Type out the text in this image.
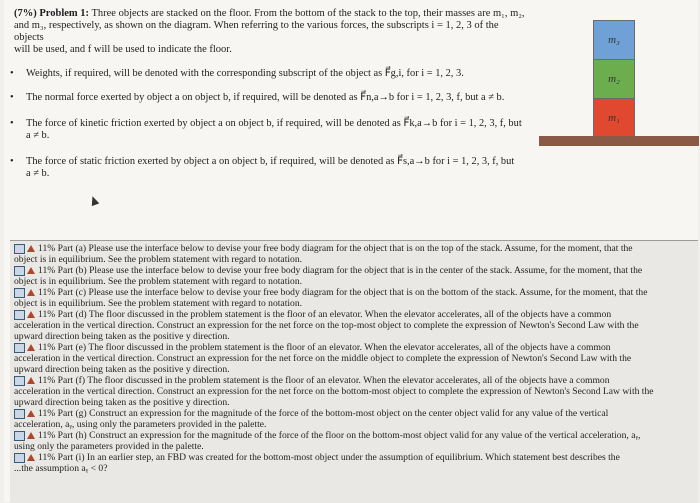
(7%) Problem 1: Three objects are stacked on the floor. From the bottom of the stack to the top, their masses are m₁, m₂,
and m₃, respectively, as shown on the diagram. When referring to the various forces, the subscripts i = 1, 2, 3 of the objects
will be used, and f will be used to indicate the floor.
• Weights, if required, will be denoted with the corresponding subscript of the object as F⃗g,i, for i = 1, 2, 3.
• The normal force exerted by object a on object b, if required, will be denoted as F⃗n,a→b for i = 1, 2, 3, f, but a ≠ b.
• The force of kinetic friction exerted by object a on object b, if required, will be denoted as F⃗k,a→b for i = 1, 2, 3, f, but
a ≠ b.
• The force of static friction exerted by object a on object b, if required, will be denoted as F⃗s,a→b for i = 1, 2, 3, f, but
a ≠ b.
m₃
m₂
m₁
11% Part (a) Please use the interface below to devise your free body diagram for the object that is on the top of the stack. Assume, for the moment, that the
object is in equilibrium. See the problem statement with regard to notation.
11% Part (b) Please use the interface below to devise your free body diagram for the object that is in the center of the stack. Assume, for the moment, that the
object is in equilibrium. See the problem statement with regard to notation.
11% Part (c) Please use the interface below to devise your free body diagram for the object that is on the bottom of the stack. Assume, for the moment, that the
object is in equilibrium. See the problem statement with regard to notation.
11% Part (d) The floor discussed in the problem statement is the floor of an elevator. When the elevator accelerates, all of the objects have a common
acceleration in the vertical direction. Construct an expression for the net force on the top-most object to complete the expression of Newton's Second Law with the
upward direction being taken as the positive y direction.
11% Part (e) The floor discussed in the problem statement is the floor of an elevator. When the elevator accelerates, all of the objects have a common
acceleration in the vertical direction. Construct an expression for the net force on the middle object to complete the expression of Newton's Second Law with the
upward direction being taken as the positive y direction.
11% Part (f) The floor discussed in the problem statement is the floor of an elevator. When the elevator accelerates, all of the objects have a common
acceleration in the vertical direction. Construct an expression for the net force on the bottom-most object to complete the expression of Newton's Second Law with the
upward direction being taken as the positive y direction.
11% Part (g) Construct an expression for the magnitude of the force of the bottom-most object on the center object valid for any value of the vertical
acceleration, aᵧ, using only the parameters provided in the palette.
11% Part (h) Construct an expression for the magnitude of the force of the floor on the bottom-most object valid for any value of the vertical acceleration, aᵧ,
using only the parameters provided in the palette.
11% Part (i) In an earlier step, an FBD was created for the bottom-most object under the assumption of equilibrium. Which statement best describes the
...the assumption aᵧ < 0?
